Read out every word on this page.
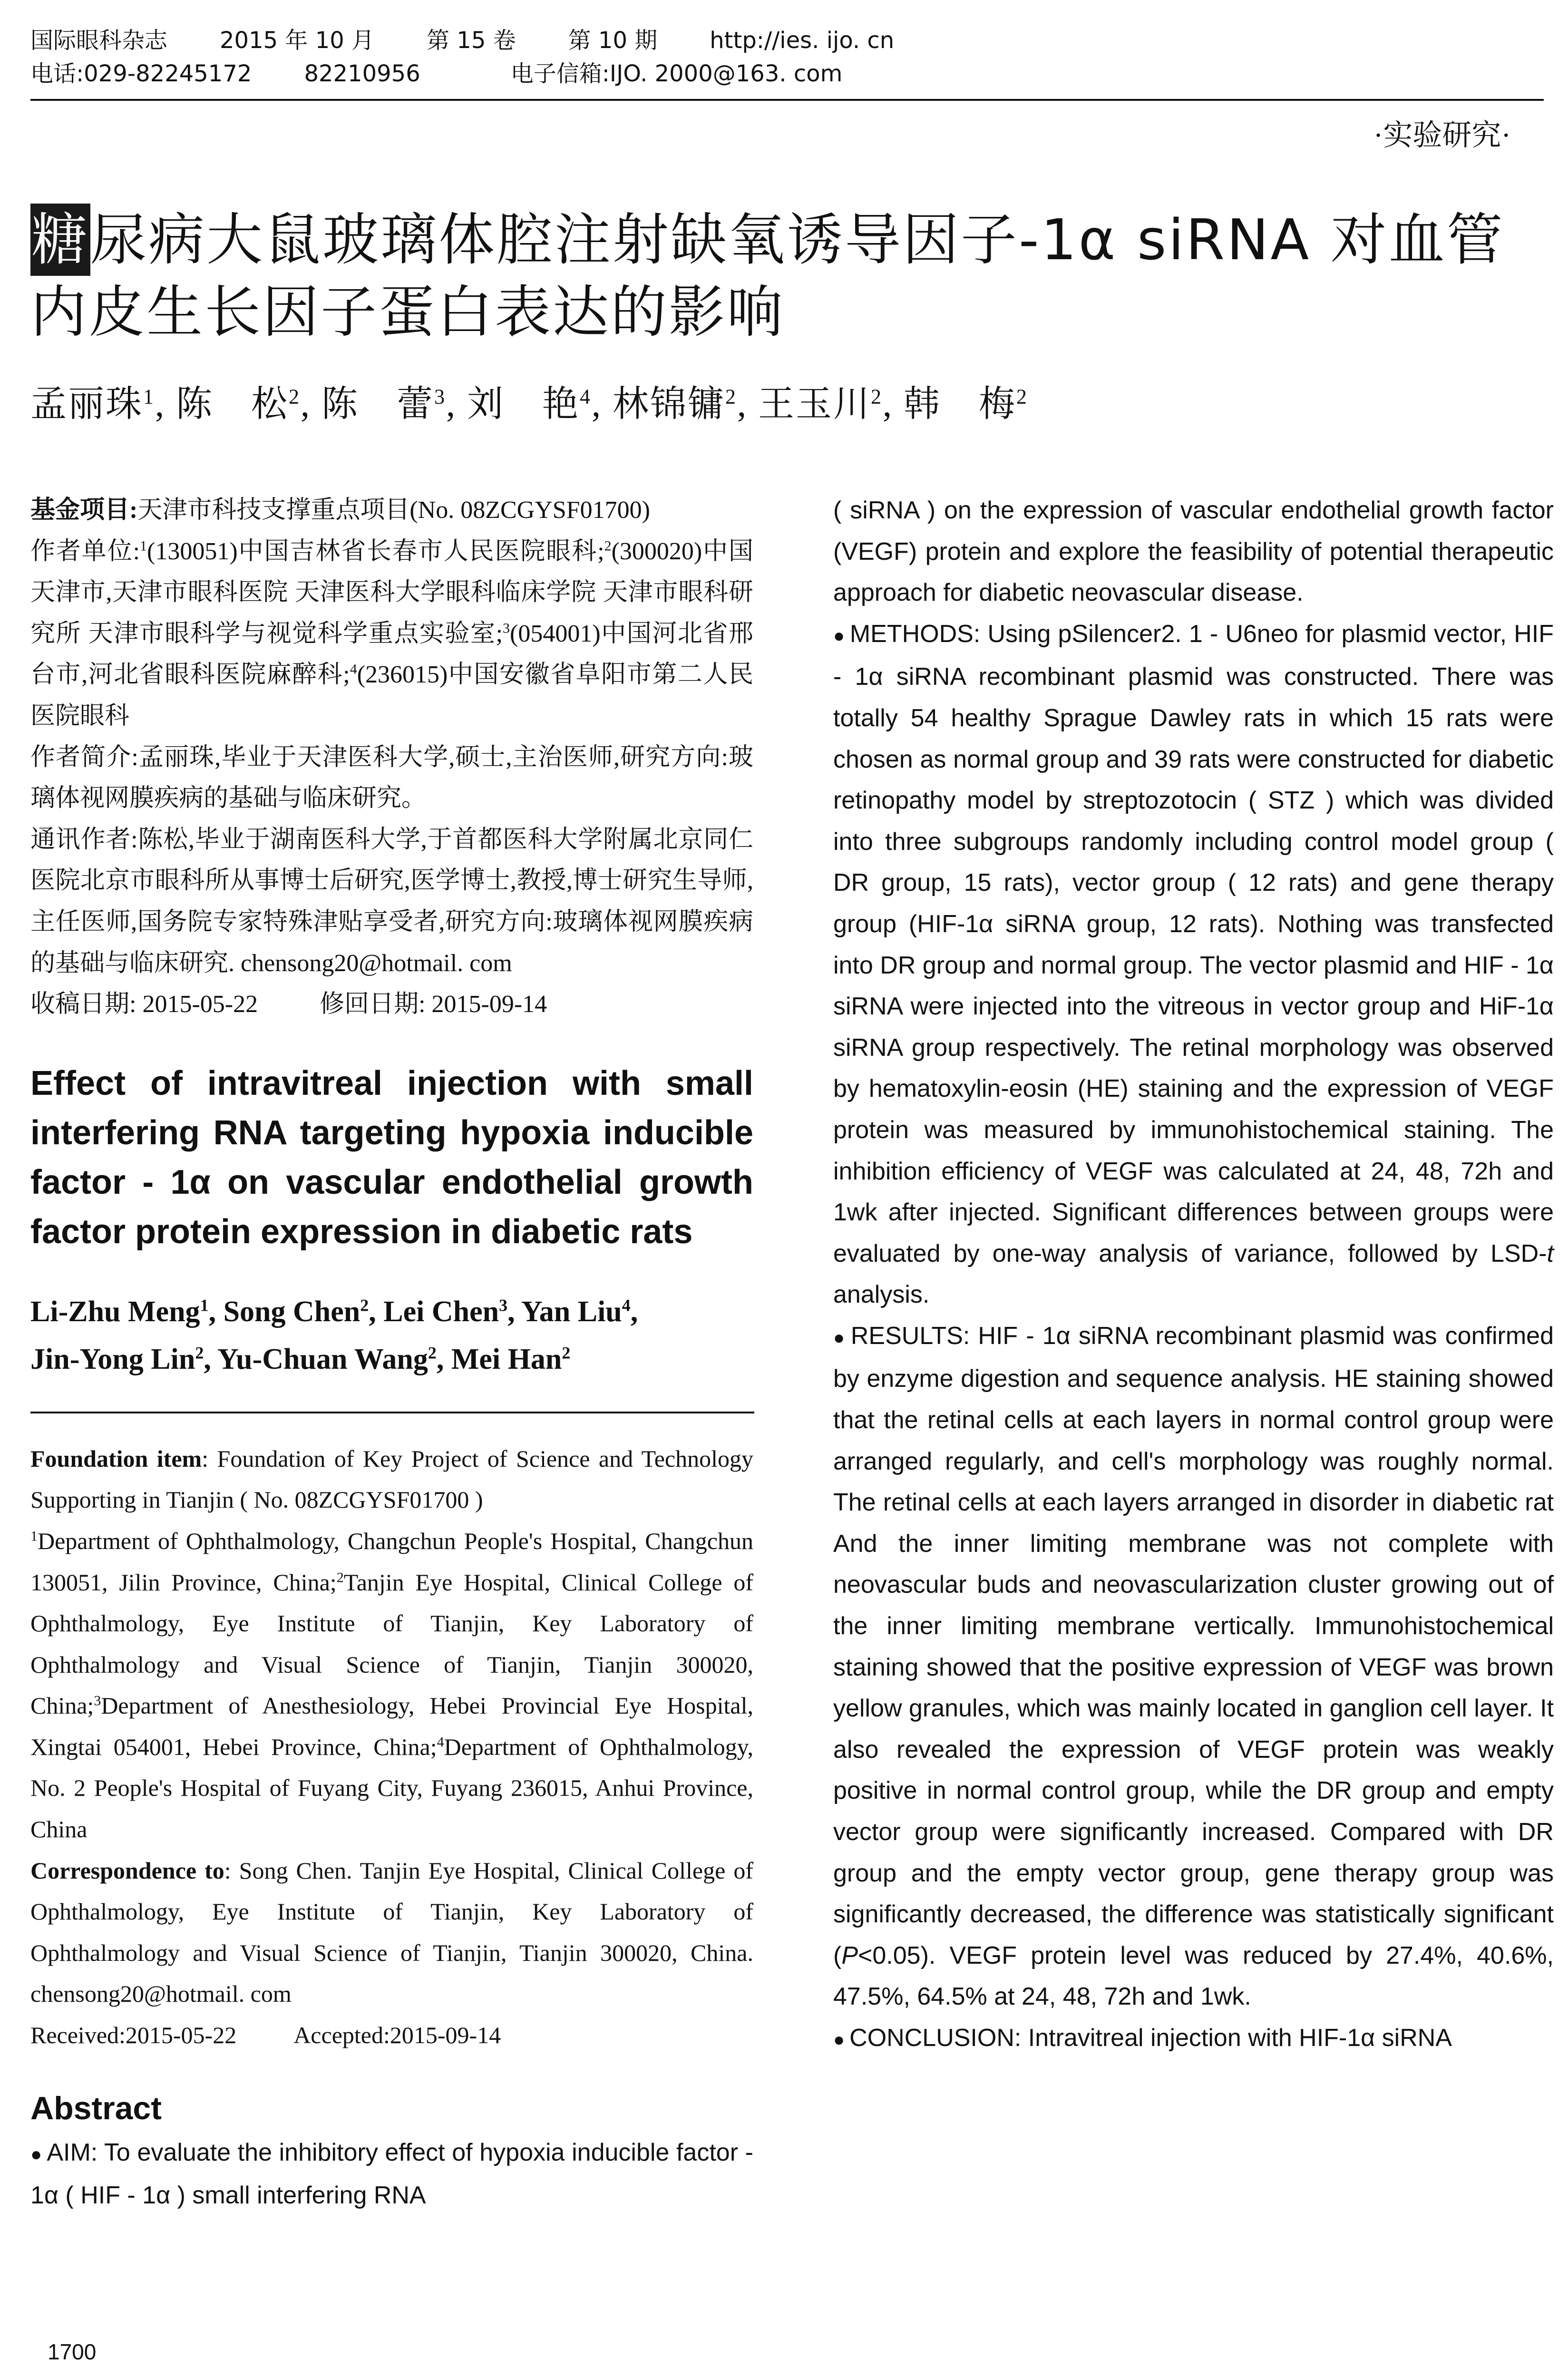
国际眼科杂志 2015 年 10 月 第 15 卷 第 10 期 http://ies. ijo. cn
电话:029-82245172 82210956	电子信箱:IJO. 2000@163. com
·实验研究·
糖尿病大鼠玻璃体腔注射缺氧诱导因子-1α siRNA 对血管内皮生长因子蛋白表达的影响
孟丽珠$^1$, 陈　松$^2$, 陈　蕾$^3$, 刘　艳$^4$, 林锦镛$^2$, 王玉川$^2$, 韩　梅$^2$

基金项目:天津市科技支撑重点项目(No. 08ZCGYSF01700)

作者单位:$^1$(130051)中国吉林省长春市人民医院眼科;$^2$(300020)中国天津市,天津市眼科医院 天津医科大学眼科临床学院 天津市眼科研究所 天津市眼科学与视觉科学重点实验室;$^3$(054001)中国河北省邢台市,河北省眼科医院麻醉科;$^4$(236015)中国安徽省阜阳市第二人民医院眼科

作者简介:孟丽珠,毕业于天津医科大学,硕士,主治医师,研究方向:玻璃体视网膜疾病的基础与临床研究。

通讯作者:陈松,毕业于湖南医科大学,于首都医科大学附属北京同仁医院北京市眼科所从事博士后研究,医学博士,教授,博士研究生导师,主任医师,国务院专家特殊津贴享受者,研究方向:玻璃体视网膜疾病的基础与临床研究. chensong20@hotmail. com

收稿日期: 2015-05-22	修回日期: 2015-09-14

Effect of intravitreal injection with small interfering RNA targeting hypoxia inducible factor - 1α on vascular endothelial growth factor protein expression in diabetic rats
Li-Zhu Meng$^1$, Song Chen$^2$, Lei Chen$^3$, Yan Liu$^4$,
Jin-Yong Lin$^2$, Yu-Chuan Wang$^2$, Mei Han$^2$

Foundation item: Foundation of Key Project of Science and Technology Supporting in Tianjin ( No. 08ZCGYSF01700 )

$^1$Department of Ophthalmology, Changchun People's Hospital, Changchun 130051, Jilin Province, China;$^2$Tanjin Eye Hospital, Clinical College of Ophthalmology, Eye Institute of Tianjin, Key Laboratory of Ophthalmology and Visual Science of Tianjin, Tianjin 300020, China;$^3$Department of Anesthesiology, Hebei Provincial Eye Hospital, Xingtai 054001, Hebei Province, China;$^4$Department of Ophthalmology, No. 2 People's Hospital of Fuyang City, Fuyang 236015, Anhui Province, China

Correspondence to: Song Chen. Tanjin Eye Hospital, Clinical College of Ophthalmology, Eye Institute of Tianjin, Key Laboratory of Ophthalmology and Visual Science of Tianjin, Tianjin 300020, China. chensong20@hotmail. com

Received:2015-05-22 Accepted:2015-09-14

Abstract

● AIM: To evaluate the inhibitory effect of hypoxia inducible factor - 1α ( HIF - 1α ) small interfering RNA

( siRNA ) on the expression of vascular endothelial growth factor (VEGF) protein and explore the feasibility of potential therapeutic approach for diabetic neovascular disease.

● METHODS: Using pSilencer2. 1 - U6neo for plasmid vector, HIF - 1α siRNA recombinant plasmid was constructed. There was totally 54 healthy Sprague Dawley rats in which 15 rats were chosen as normal group and 39 rats were constructed for diabetic retinopathy model by streptozotocin ( STZ ) which was divided into three subgroups randomly including control model group ( DR group, 15 rats), vector group ( 12 rats) and gene therapy group (HIF-1α siRNA group, 12 rats). Nothing was transfected into DR group and normal group. The vector plasmid and HIF - 1α siRNA were injected into the vitreous in vector group and HiF-1α siRNA group respectively. The retinal morphology was observed by hematoxylin-eosin (HE) staining and the expression of VEGF protein was measured by immunohistochemical staining. The inhibition efficiency of VEGF was calculated at 24, 48, 72h and 1wk after injected. Significant differences between groups were evaluated by one-way analysis of variance, followed by LSD-t analysis.

● RESULTS: HIF - 1α siRNA recombinant plasmid was confirmed by enzyme digestion and sequence analysis. HE staining showed that the retinal cells at each layers in normal control group were arranged regularly, and cell's morphology was roughly normal. The retinal cells at each layers arranged in disorder in diabetic rat And the inner limiting membrane was not complete with neovascular buds and neovascularization cluster growing out of the inner limiting membrane vertically. Immunohistochemical staining showed that the positive expression of VEGF was brown yellow granules, which was mainly located in ganglion cell layer. It also revealed the expression of VEGF protein was weakly positive in normal control group, while the DR group and empty vector group were significantly increased. Compared with DR group and the empty vector group, gene therapy group was significantly decreased, the difference was statistically significant (P<0.05). VEGF protein level was reduced by 27.4%, 40.6%, 47.5%, 64.5% at 24, 48, 72h and 1wk.

● CONCLUSION: Intravitreal injection with HIF-1α siRNA

1700
